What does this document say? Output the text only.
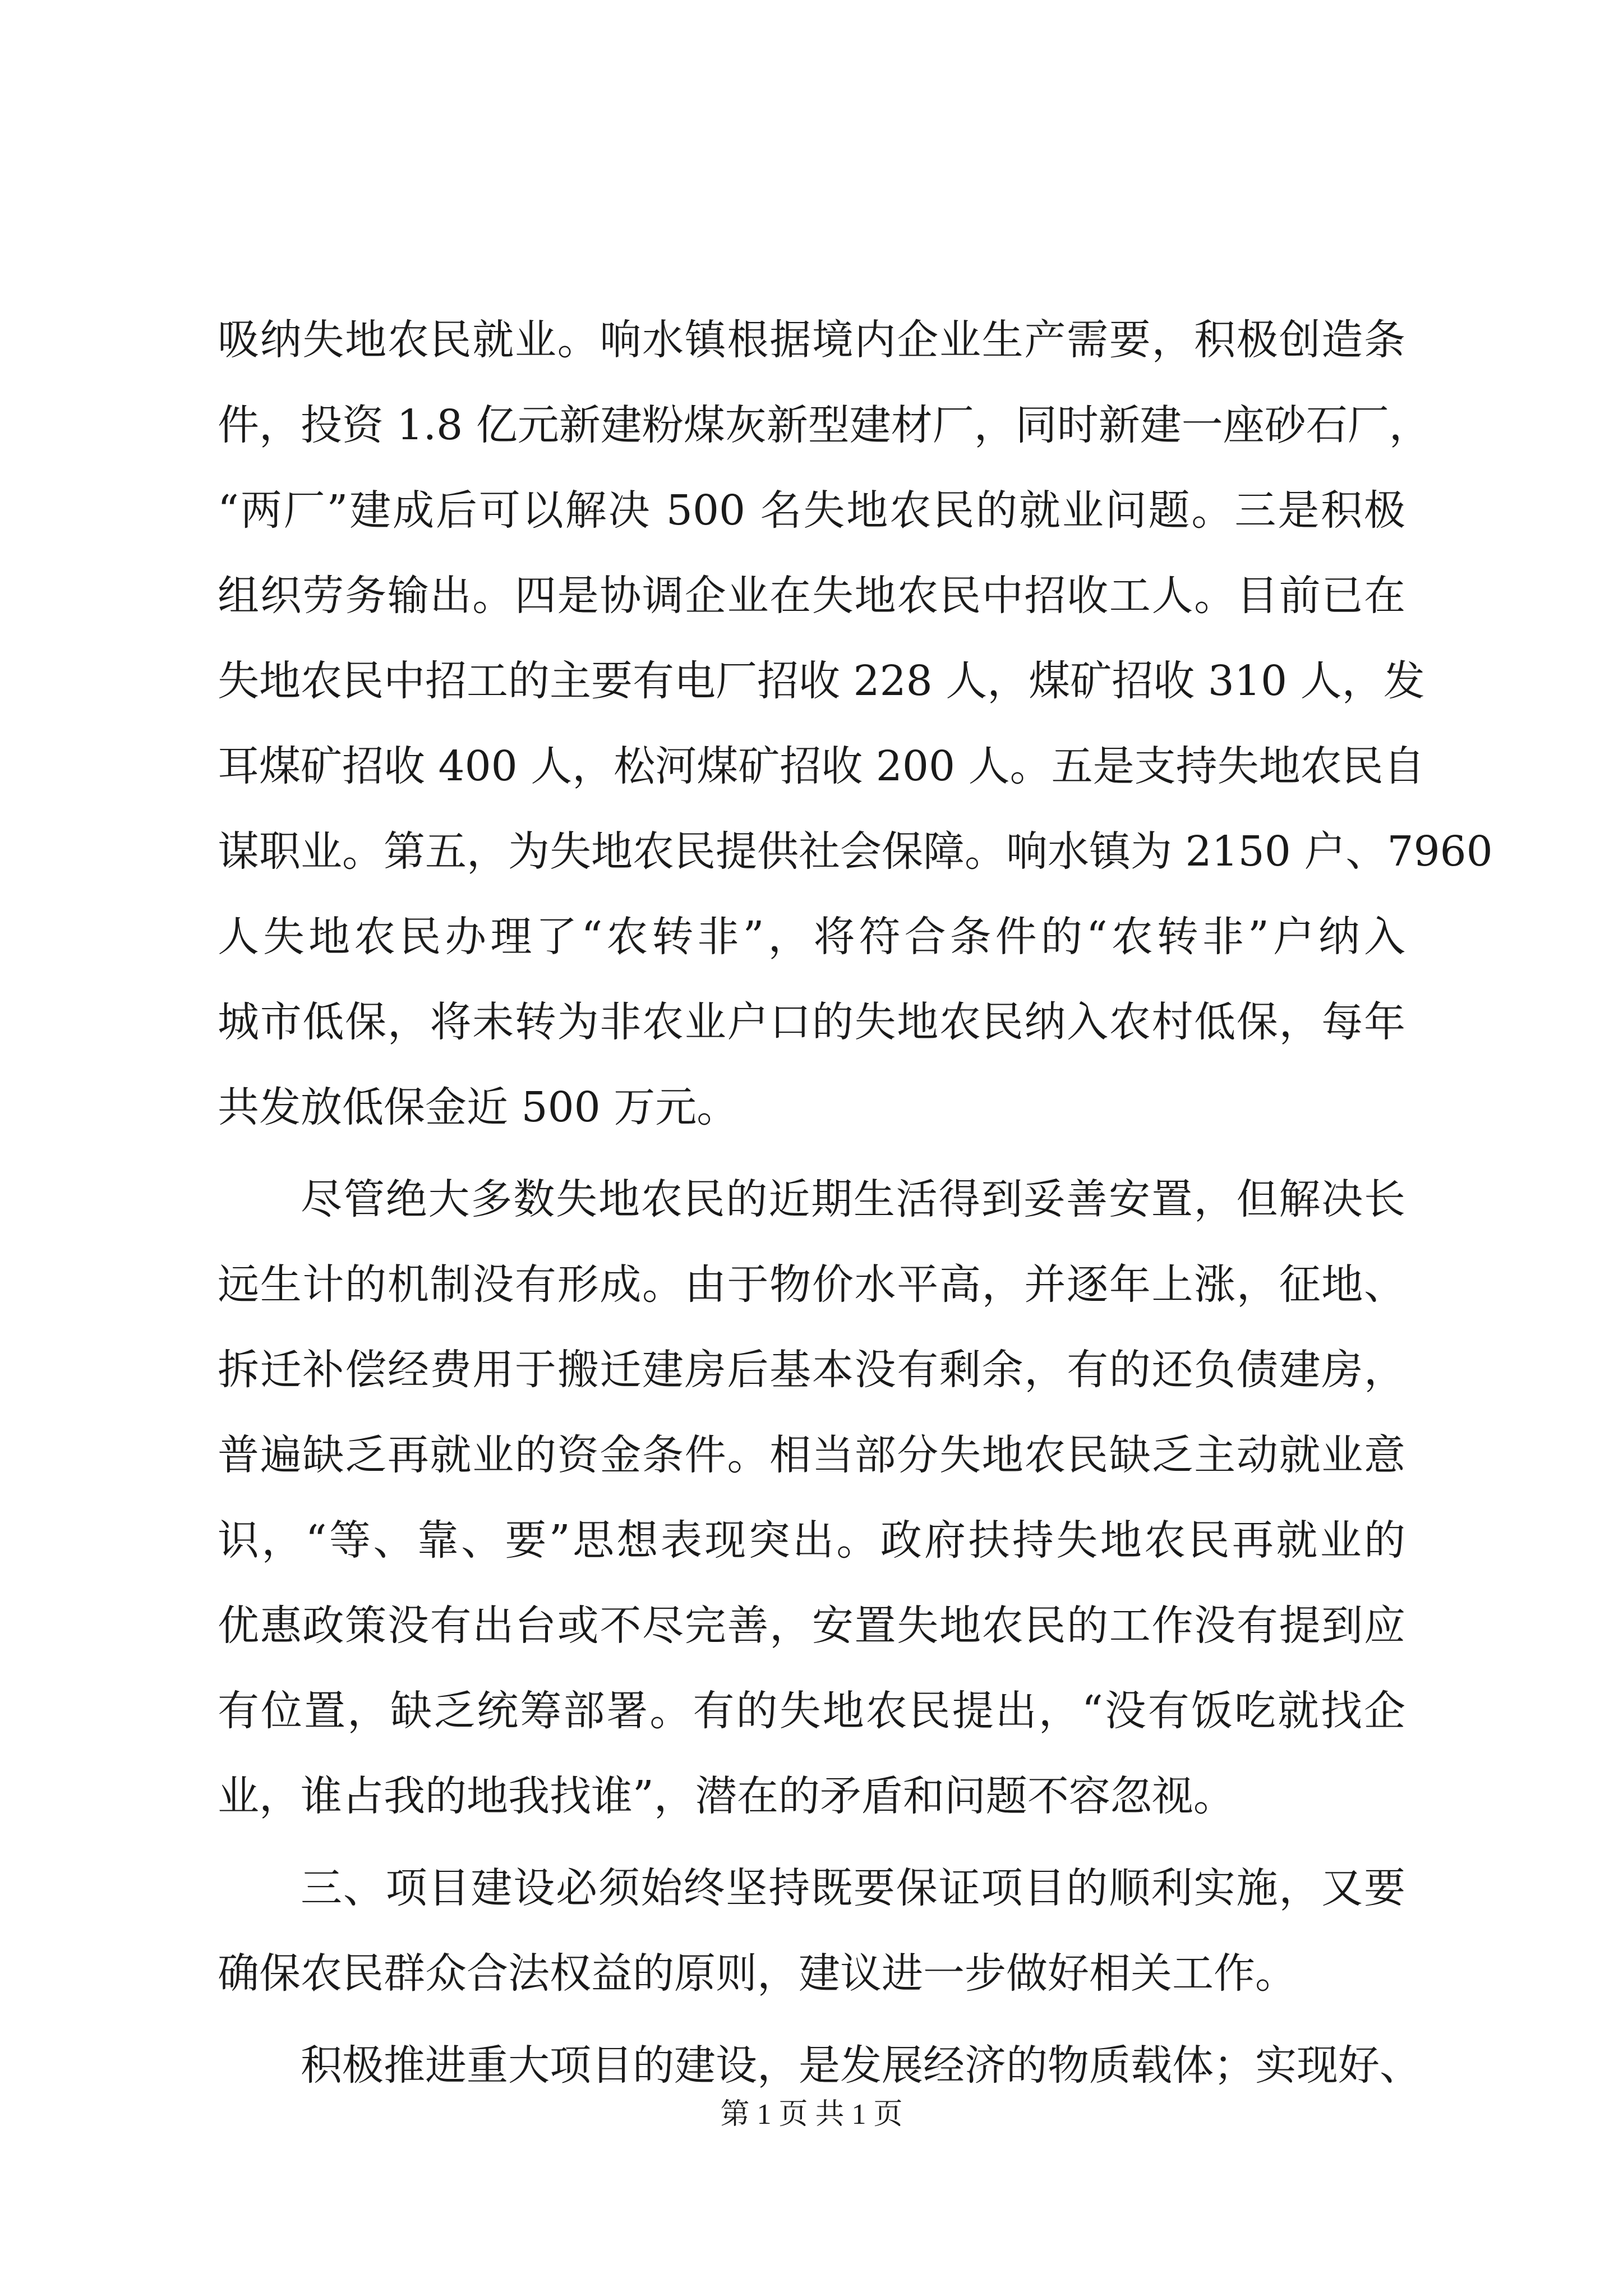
吸纳失地农民就业。响水镇根据境内企业生产需要，积极创造条
件，投资 1.8 亿元新建粉煤灰新型建材厂，同时新建一座砂石厂，
“两厂”建成后可以解决 500 名失地农民的就业问题。三是积极
组织劳务输出。四是协调企业在失地农民中招收工人。目前已在
失地农民中招工的主要有电厂招收 228 人，煤矿招收 310 人，发
耳煤矿招收 400 人，松河煤矿招收 200 人。五是支持失地农民自
谋职业。第五，为失地农民提供社会保障。响水镇为 2150 户、7960
人失地农民办理了“农转非”，将符合条件的“农转非”户纳入
城市低保，将未转为非农业户口的失地农民纳入农村低保，每年
共发放低保金近 500 万元。
尽管绝大多数失地农民的近期生活得到妥善安置，但解决长
远生计的机制没有形成。由于物价水平高，并逐年上涨，征地、
拆迁补偿经费用于搬迁建房后基本没有剩余，有的还负债建房，
普遍缺乏再就业的资金条件。相当部分失地农民缺乏主动就业意
识，“等、靠、要”思想表现突出。政府扶持失地农民再就业的
优惠政策没有出台或不尽完善，安置失地农民的工作没有提到应
有位置，缺乏统筹部署。有的失地农民提出，“没有饭吃就找企
业，谁占我的地我找谁”，潜在的矛盾和问题不容忽视。
三、项目建设必须始终坚持既要保证项目的顺利实施，又要
确保农民群众合法权益的原则，建议进一步做好相关工作。
积极推进重大项目的建设，是发展经济的物质载体；实现好、
第 1 页 共 1 页
